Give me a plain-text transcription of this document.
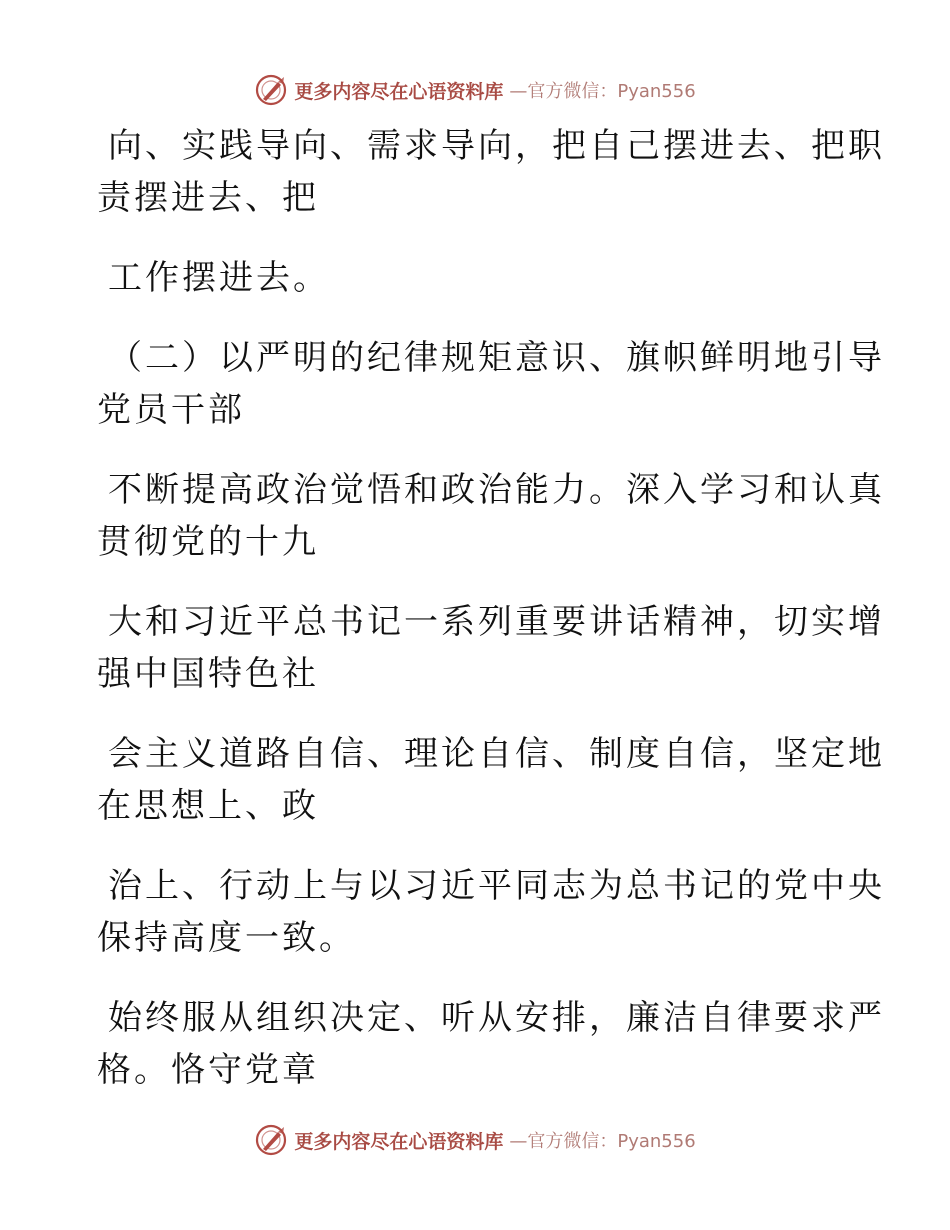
更多内容尽在心语资料库 —官方微信：Pyan556

向、实践导向、需求导向，把自己摆进去、把职
责摆进去、把

工作摆进去。

（二）以严明的纪律规矩意识、旗帜鲜明地引导
党员干部

不断提高政治觉悟和政治能力。深入学习和认真
贯彻党的十九

大和习近平总书记一系列重要讲话精神，切实增
强中国特色社

会主义道路自信、理论自信、制度自信，坚定地
在思想上、政

治上、行动上与以习近平同志为总书记的党中央
保持高度一致。

始终服从组织决定、听从安排，廉洁自律要求严
格。恪守党章

更多内容尽在心语资料库 —官方微信：Pyan556
